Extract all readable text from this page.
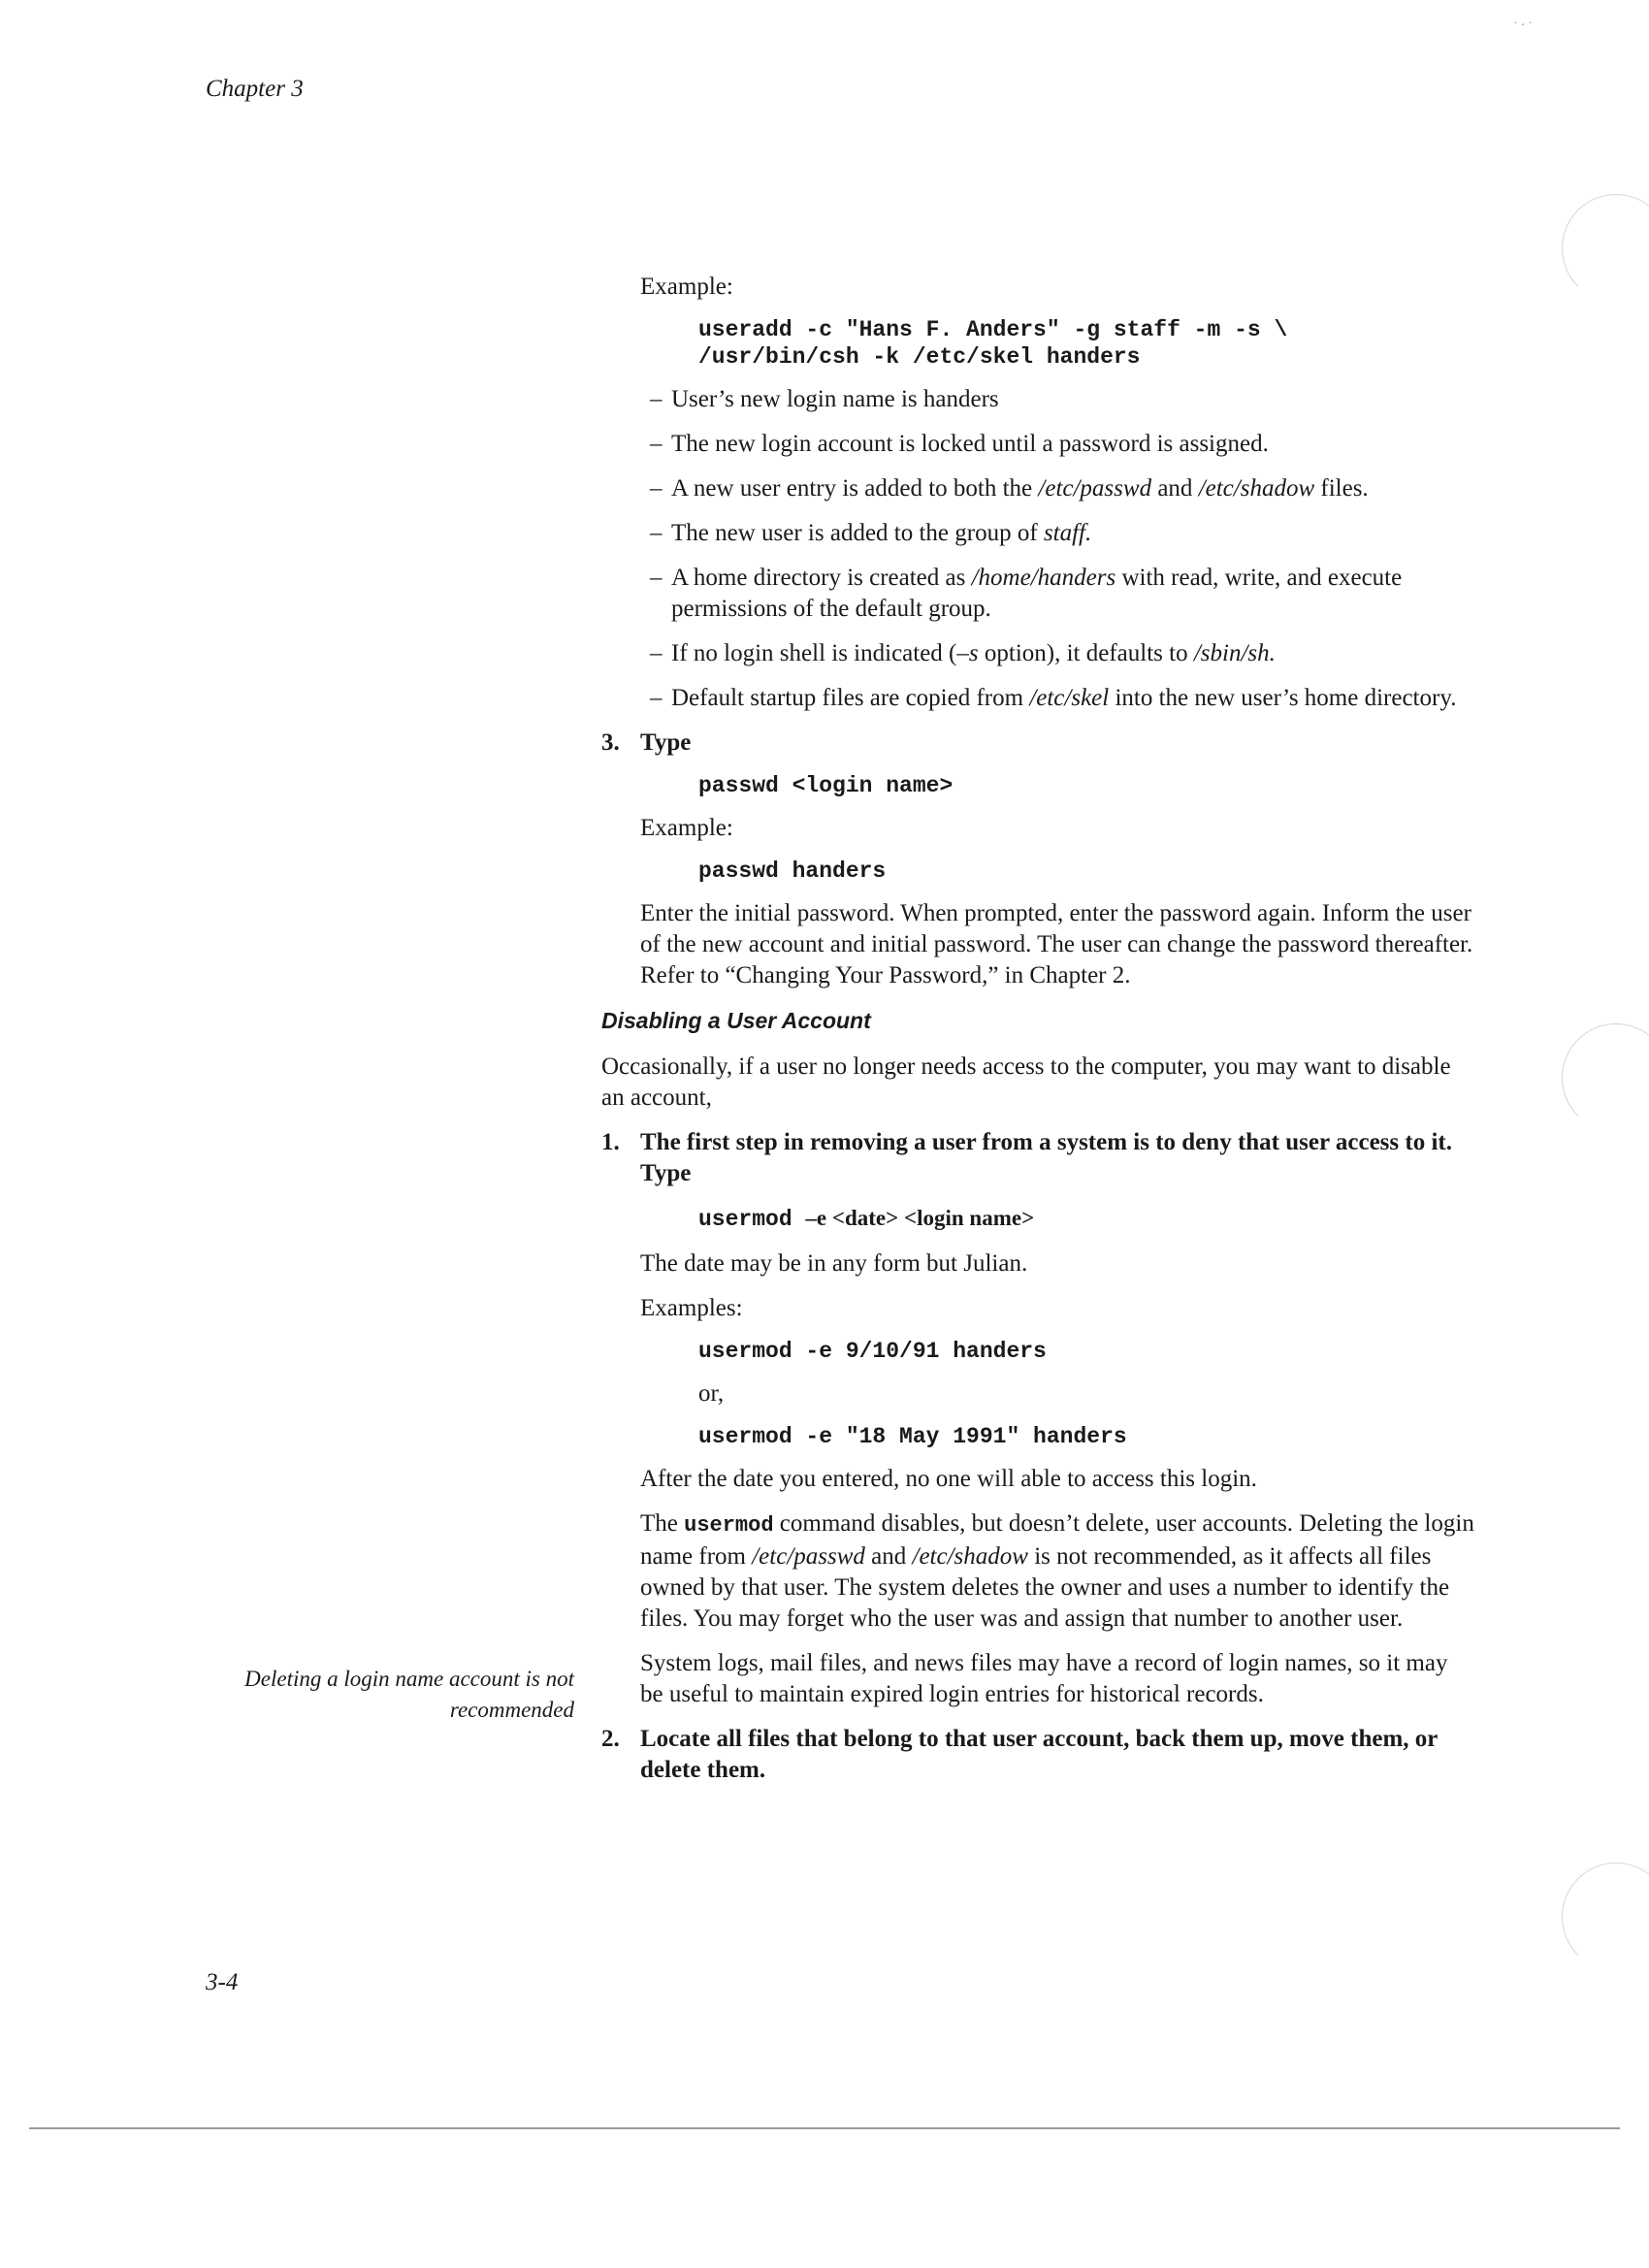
· ⸳ ·
Chapter 3
Deleting a login name account is not
recommended
Example:
useradd -c "Hans F. Anders" -g staff -m -s \
/usr/bin/csh -k /etc/skel handers
– User’s new login name is handers
– The new login account is locked until a password is assigned.
– A new user entry is added to both the /etc/passwd and /etc/shadow files.
– The new user is added to the group of staff.
– A home directory is created as /home/handers with read, write, and execute permissions of the default group.
– If no login shell is indicated (–s option), it defaults to /sbin/sh.
– Default startup files are copied from /etc/skel into the new user’s home directory.
3. Type
passwd <login name>
Example:
passwd handers
Enter the initial password. When prompted, enter the password again. Inform the user of the new account and initial password. The user can change the password thereafter. Refer to “Changing Your Password,” in Chapter 2.
Disabling a User Account
Occasionally, if a user no longer needs access to the computer, you may want to disable an account,
1. The first step in removing a user from a system is to deny that user access to it. Type
usermod –e <date> <login name>
The date may be in any form but Julian.
Examples:
usermod -e 9/10/91 handers
or,
usermod -e "18 May 1991" handers
After the date you entered, no one will able to access this login.
The usermod command disables, but doesn’t delete, user accounts. Deleting the login name from /etc/passwd and /etc/shadow is not recommended, as it affects all files owned by that user. The system deletes the owner and uses a number to identify the files. You may forget who the user was and assign that number to another user.
System logs, mail files, and news files may have a record of login names, so it may be useful to maintain expired login entries for historical records.
2. Locate all files that belong to that user account, back them up, move them, or delete them.
3-4
